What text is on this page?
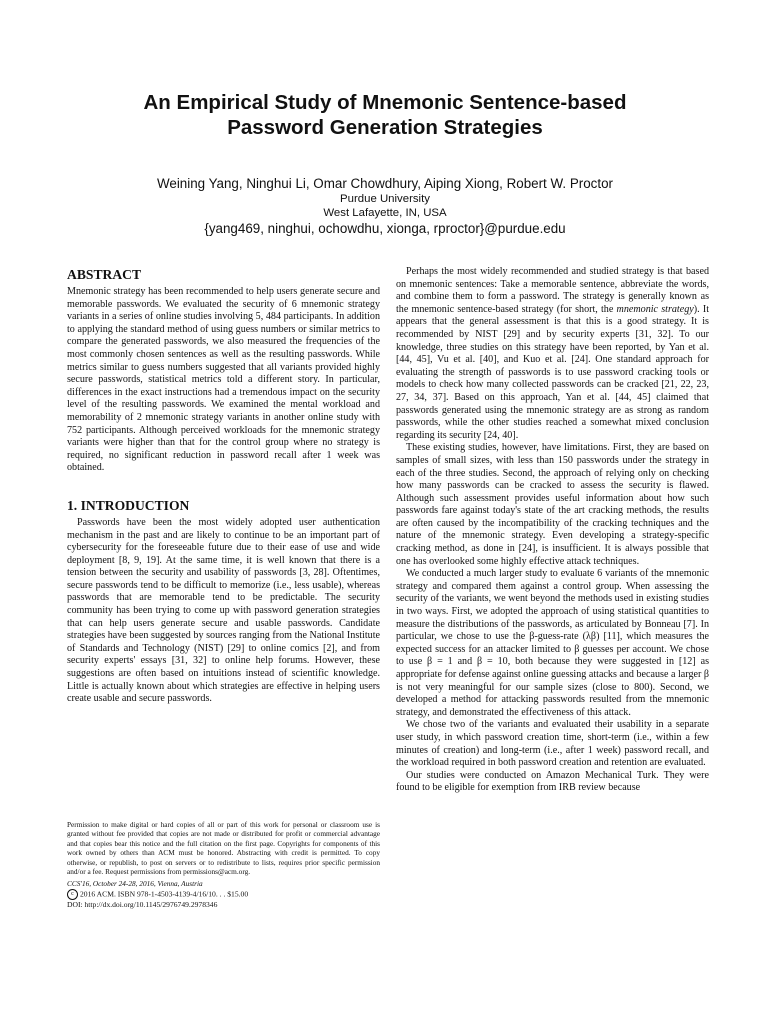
An Empirical Study of Mnemonic Sentence-based
Password Generation Strategies
Weining Yang, Ninghui Li, Omar Chowdhury, Aiping Xiong, Robert W. Proctor
Purdue University
West Lafayette, IN, USA
{yang469, ninghui, ochowdhu, xionga, rproctor}@purdue.edu
ABSTRACT

Mnemonic strategy has been recommended to help users generate secure and memorable passwords. We evaluated the security of 6 mnemonic strategy variants in a series of online studies involving 5, 484 participants. In addition to applying the standard method of using guess numbers or similar metrics to compare the generated passwords, we also measured the frequencies of the most commonly chosen sentences as well as the resulting passwords. While metrics similar to guess numbers suggested that all variants provided highly secure passwords, statistical metrics told a different story. In particular, differences in the exact instructions had a tremendous impact on the security level of the resulting passwords. We examined the mental workload and memorability of 2 mnemonic strategy variants in another online study with 752 participants. Although perceived workloads for the mnemonic strategy variants were higher than that for the control group where no strategy is required, no significant reduction in password recall after 1 week was obtained.

1. INTRODUCTION

Passwords have been the most widely adopted user authentication mechanism in the past and are likely to continue to be an important part of cybersecurity for the foreseeable future due to their ease of use and wide deployment [8, 9, 19]. At the same time, it is well known that there is a tension between the security and usability of passwords [3, 28]. Oftentimes, secure passwords tend to be difficult to memorize (i.e., less usable), whereas passwords that are memorable tend to be predictable. The security community has been trying to come up with password generation strategies that can help users generate secure and usable passwords. Candidate strategies have been suggested by sources ranging from the National Institute of Standards and Technology (NIST) [29] to online comics [2], and from security experts' essays [31, 32] to online help forums. However, these suggestions are often based on intuitions instead of scientific knowledge. Little is actually known about which strategies are effective in helping users create usable and secure passwords.

Permission to make digital or hard copies of all or part of this work for personal or classroom use is granted without fee provided that copies are not made or distributed for profit or commercial advantage and that copies bear this notice and the full citation on the first page. Copyrights for components of this work owned by others than ACM must be honored. Abstracting with credit is permitted. To copy otherwise, or republish, to post on servers or to redistribute to lists, requires prior specific permission and/or a fee. Request permissions from permissions@acm.org.

CCS'16, October 24-28, 2016, Vienna, Austria

c 2016 ACM. ISBN 978-1-4503-4139-4/16/10. . . $15.00

DOI: http://dx.doi.org/10.1145/2976749.2978346

Perhaps the most widely recommended and studied strategy is that based on mnemonic sentences: Take a memorable sentence, abbreviate the words, and combine them to form a password. The strategy is generally known as the mnemonic sentence-based strategy (for short, the mnemonic strategy). It appears that the general assessment is that this is a good strategy. It is recommended by NIST [29] and by security experts [31, 32]. To our knowledge, three studies on this strategy have been reported, by Yan et al. [44, 45], Vu et al. [40], and Kuo et al. [24]. One standard approach for evaluating the strength of passwords is to use password cracking tools or models to check how many collected passwords can be cracked [21, 22, 23, 27, 34, 37]. Based on this approach, Yan et al. [44, 45] claimed that passwords generated using the mnemonic strategy are as strong as random passwords, while the other studies reached a somewhat mixed conclusion regarding its security [24, 40].

These existing studies, however, have limitations. First, they are based on samples of small sizes, with less than 150 passwords under the strategy in each of the three studies. Second, the approach of relying only on checking how many passwords can be cracked to assess the security is flawed. Although such assessment provides useful information about how such passwords fare against today's state of the art cracking methods, the results are often caused by the incompatibility of the cracking techniques and the nature of the mnemonic strategy. Even developing a strategy-specific cracking method, as done in [24], is insufficient. It is always possible that one has overlooked some highly effective attack techniques.

We conducted a much larger study to evaluate 6 variants of the mnemonic strategy and compared them against a control group. When assessing the security of the variants, we went beyond the methods used in existing studies in two ways. First, we adopted the approach of using statistical quantities to measure the distributions of the passwords, as articulated by Bonneau [7]. In particular, we chose to use the β-guess-rate (λβ) [11], which measures the expected success for an attacker limited to β guesses per account. We chose to use β = 1 and β = 10, both because they were suggested in [12] as appropriate for defense against online guessing attacks and because a larger β is not very meaningful for our sample sizes (close to 800). Second, we developed a method for attacking passwords resulted from the mnemonic strategy, and demonstrated the effectiveness of this attack.

We chose two of the variants and evaluated their usability in a separate user study, in which password creation time, short-term (i.e., within a few minutes of creation) and long-term (i.e., after 1 week) password recall, and the workload required in both password creation and retention are evaluated.

Our studies were conducted on Amazon Mechanical Turk. They were found to be eligible for exemption from IRB review because
